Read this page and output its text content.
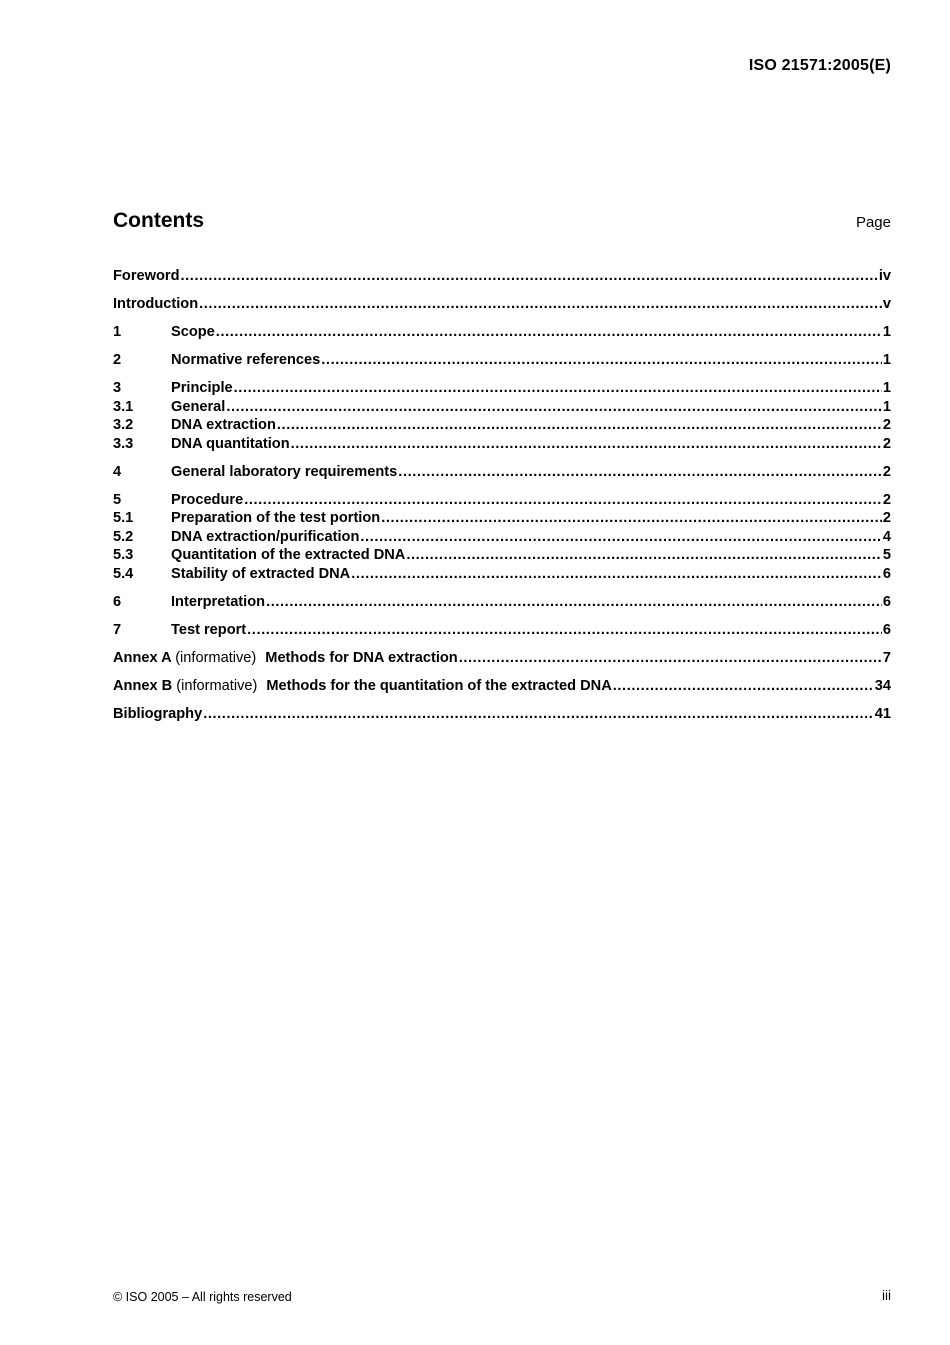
ISO 21571:2005(E)
Contents	Page
Foreword .....	iv
Introduction .....	v
1	Scope .....	1
2	Normative references .....	1
3	Principle .....	1
3.1	General .....	1
3.2	DNA extraction .....	2
3.3	DNA quantitation .....	2
4	General laboratory requirements .....	2
5	Procedure .....	2
5.1	Preparation of the test portion .....	2
5.2	DNA extraction/purification .....	4
5.3	Quantitation of the extracted DNA .....	5
5.4	Stability of extracted DNA .....	6
6	Interpretation .....	6
7	Test report .....	6
Annex A (informative) Methods for DNA extraction .....	7
Annex B (informative) Methods for the quantitation of the extracted DNA .....	34
Bibliography .....	41
© ISO 2005 – All rights reserved	iii
